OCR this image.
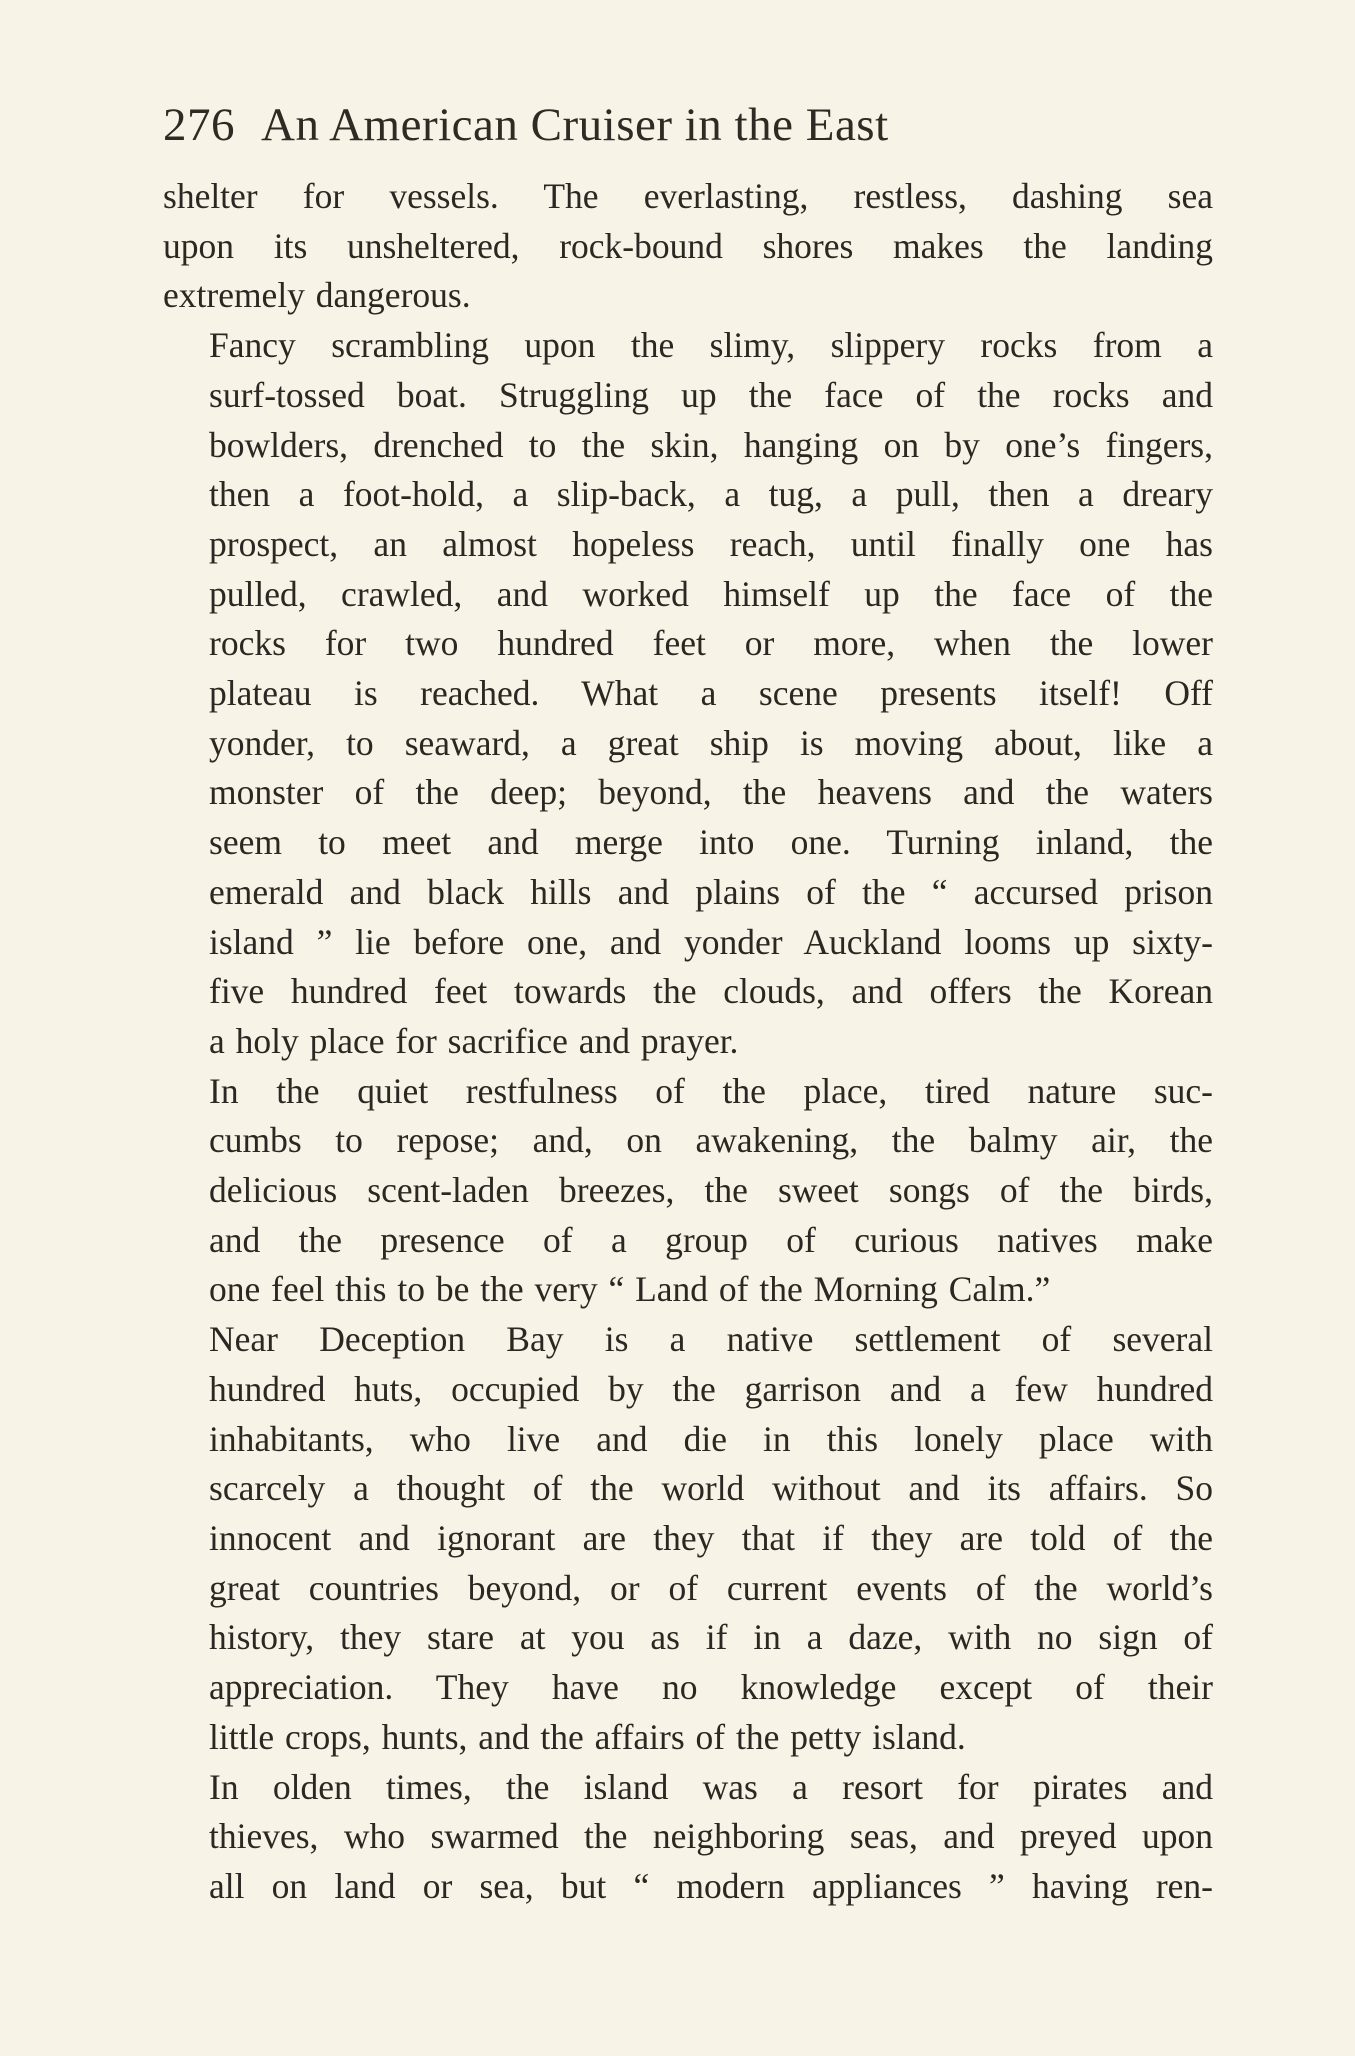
276 An American Cruiser in the East
shelter for vessels. The everlasting, restless, dashing sea
upon its unsheltered, rock-bound shores makes the landing
extremely dangerous.
Fancy scrambling upon the slimy, slippery rocks from a
surf-tossed boat. Struggling up the face of the rocks and
bowlders, drenched to the skin, hanging on by one’s fingers,
then a foot-hold, a slip-back, a tug, a pull, then a dreary
prospect, an almost hopeless reach, until finally one has
pulled, crawled, and worked himself up the face of the
rocks for two hundred feet or more, when the lower
plateau is reached. What a scene presents itself! Off
yonder, to seaward, a great ship is moving about, like a
monster of the deep; beyond, the heavens and the waters
seem to meet and merge into one. Turning inland, the
emerald and black hills and plains of the “ accursed prison
island ” lie before one, and yonder Auckland looms up sixty-
five hundred feet towards the clouds, and offers the Korean
a holy place for sacrifice and prayer.
In the quiet restfulness of the place, tired nature suc-
cumbs to repose; and, on awakening, the balmy air, the
delicious scent-laden breezes, the sweet songs of the birds,
and the presence of a group of curious natives make
one feel this to be the very “ Land of the Morning Calm.”
Near Deception Bay is a native settlement of several
hundred huts, occupied by the garrison and a few hundred
inhabitants, who live and die in this lonely place with
scarcely a thought of the world without and its affairs. So
innocent and ignorant are they that if they are told of the
great countries beyond, or of current events of the world’s
history, they stare at you as if in a daze, with no sign of
appreciation. They have no knowledge except of their
little crops, hunts, and the affairs of the petty island.
In olden times, the island was a resort for pirates and
thieves, who swarmed the neighboring seas, and preyed upon
all on land or sea, but “ modern appliances ” having ren-
